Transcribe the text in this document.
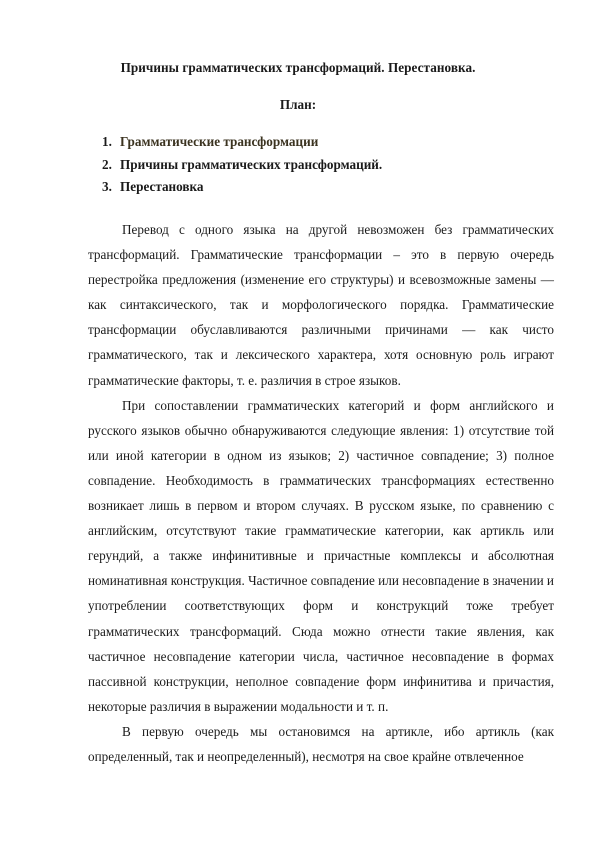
Причины грамматических трансформаций. Перестановка.
План:
1. Грамматические трансформации
2. Причины грамматических трансформаций.
3. Перестановка

Перевод с одного языка на другой невозможен без грамматических трансформаций. Грамматические трансформации – это в первую очередь перестройка предложения (изменение его структуры) и всевозможные замены — как синтаксического, так и морфологического порядка. Грамматические трансформации обуславливаются различными причинами — как чисто грамматического, так и лексического характера, хотя основную роль играют грамматические факторы, т. е. различия в строе языков.

При сопоставлении грамматических категорий и форм английского и русского языков обычно обнаруживаются следующие явления: 1) отсутствие той или иной категории в одном из языков; 2) частичное совпадение; 3) полное совпадение. Необходимость в грамматических трансформациях естественно возникает лишь в первом и втором случаях. В русском языке, по сравнению с английским, отсутствуют такие грамматические категории, как артикль или герундий, а также инфинитивные и причастные комплексы и абсолютная номинативная конструкция. Частичное совпадение или несовпадение в значении и употреблении соответствующих форм и конструкций тоже требует грамматических трансформаций. Сюда можно отнести такие явления, как частичное несовпадение категории числа, частичное несовпадение в формах пассивной конструкции, неполное совпадение форм инфинитива и причастия, некоторые различия в выражении модальности и т. п.

В первую очередь мы остановимся на артикле, ибо артикль (как определенный, так и неопределенный), несмотря на свое крайне отвлеченное
